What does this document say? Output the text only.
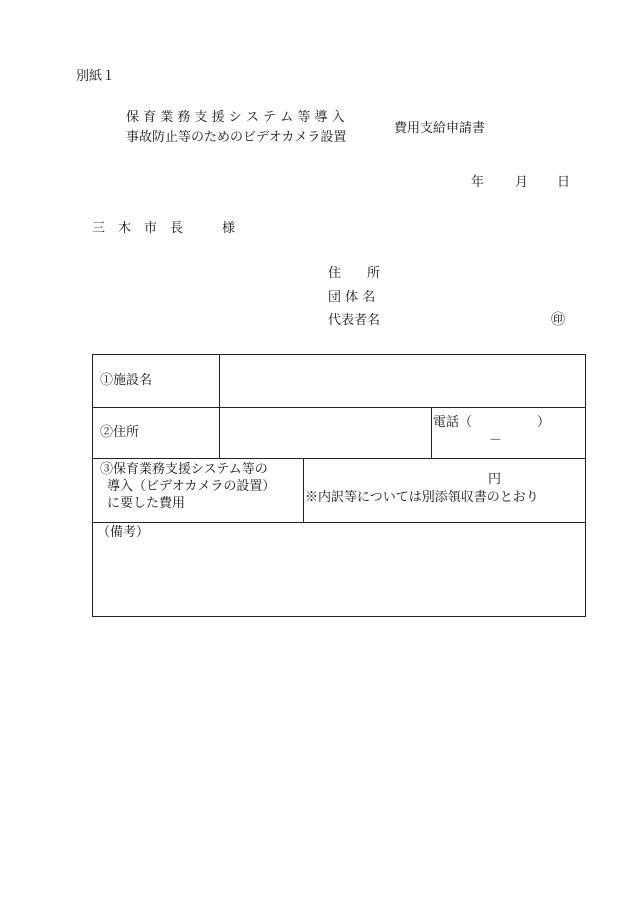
別紙１
保 育 業 務 支 援 シ ス テ ム 等 導 入
事故防止等のためのビデオカメラ設置
費用支給申請書
年 月 日
三　木　市　長　　　様
住　　所
団 体 名
代表者名	㊞
①施設名
②住所
電話（　　　　　）
－
③保育業務支援システム等の
導入（ビデオカメラの設置）
に要した費用
円
※内訳等については別添領収書のとおり
（備考）
